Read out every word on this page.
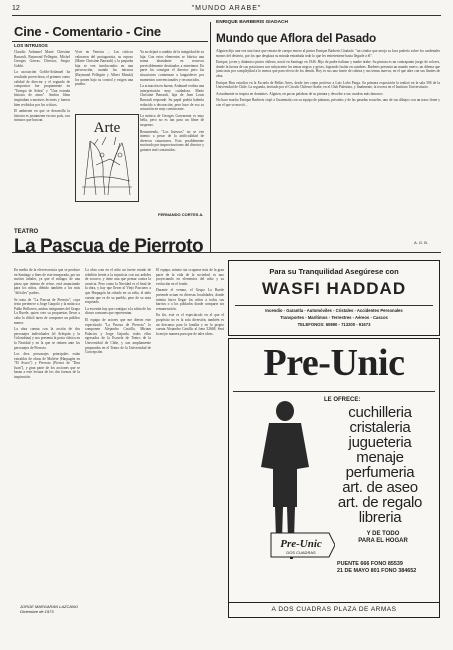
12	"MUNDO ARABE"
Cine - Comentario - Cine
LOS INTRUSOS

Claudio Ardanuel Marie Christine Barrault, Raymond Pellegrin, Michel Georges Gavras. Director, Sergio Gobbi.

La asociación Gobbi-Ardanuel ha resultado provechosa, el primero como calidad de director y el segundo de compositor fue propiamente en "Tiempo de Sobra" y "Una extraña historia de amor". Ambos films inspiraban a nuestros lectores y fueron bien recibidos por los críticos.

El ambiente en que se desarrolla la historia es justamente en otro país, con intrusos que buscan.

Vivir en Venecia ... Los críticos valoraron del protagonista, su esposo (Marie Christine Barrault) y la pequeña hija se ven involucrados en una persecución, cuando los intrusos (Raymond Pellegrin y Albert Minski) los ponen bajo su control y exigen una prueba.

Ya no dejará a cambio de la integridad de su hija. Con estos elementos se fabrica una trama abundante en recursos previsiblemente destinados a entretener. En parte los consigue el director pero las situaciones comienzan a languidecer por momentos convencionales y reconocidos.

La actuación en buena, Ardanuel realiza una interpretación muy cuidadosa. Marie Christine Barrault, hija de Jean Louis Barrault responde. Su papel podría haberla reducido a decoración, pero hace de eso su actuación en muy convincente.

La música de Georges Garvarentz es muy bella, pero no es tan para un filme de suspenso.

Resumiendo, "Los Intrusos" no se ven intento a pesar de la artificialidad de diversos situaciones. Esto posiblemente motivado por improvisaciones del director y guiones mal construidos.

FERNANDO CORTES A.
Arte
ENRIQUE BARBERIS GIADACH
Mundo que Aflora del Pasado

Alguien dijo una vez una frase que retrata de cuerpo entero al pintor Enrique Barberis Giadach: "un cóndor que arroja su lava poderío sobre los cardenales monos del desierto, por los que desplaza su mirada entrañada todo lo que les entreteniene hasta llegarle a él".

Enrique, joven y dinámico pintor chileno, nació en Santiago en 1946. Hijo de padre italiano y madre árabe. Su pintura es un contrapunto juego de colores, donde la fuerza de sus posiciones son subyacente los temas negros y grises, logrando fusión en cumbres. Barberis presenta un mundo nuevo, un dilema que junto más por complejidad a lo menos que para efecto de los demás. Hoy es sus una fuerte de cabeza y sus temas nuevos, en el que abre con sus límites de obra.

Enrique Bias estudios en la Escuela de Bellas Artes, desde tres como profesor a Luis Lobo Parga. Su primera exposición la realizó en la sala 506 de la Universidad de Chile. La segunda, invitado por el Circulo Chileno-Árabe, en el Club Palestino, y finalmente, la tercera en el Instituto Universitario.

Actualmente se inspira en dominios. Alguien, en pocas palabras de su pintura y describe a sus cuadros más famosos.

No hace mucho Enrique Barberis viajó a Guatemala con su equipo de pinturas, privados y de las pasadas escuelas, uno de sus dibujos con un trazo firme y con el que se movió...

A. G. B.
TEATRO
La Pascua de Pierroto

En medio de la efervescencia que se produce en Santiago a fines de este temporada, por un motivo inhalei, ya que el milagro de una pieza que intenta de reírse, está anunciando para los niños, debido también a los más "difíciles" padres.

Se trata de "La Pascua de Pierroto", cuya texto pertenece a Jorge Garpolo y la música a Pablo Bellorero, ambos integrantes del Grupo La Ruede, quien creo su propuestas llevar a cabo la difícil tarea de componer un público menor.

La obra cuenta con la acción de dos personajes individuales (el Arlequín y la Colombina) y nos presenta la posta clásica en la Navidad y en la que se reúnen ante los personajes de Pierroto.

Los diez personajes principales están extraídos de obras de Molière (Harpagón en "El Avaro") y Pierroto (Pierrot de "Don Juan"), y gran parte de los acciones que se basan a este lectura de los dos formas de la inspiración.

La obra crea en el niño un fuerte estado de rebelión frente a la injusticia con sus ardides de socorro, y tiene una que pensar contra la avaricia. Pero como la Navidad es el final de la obra, y hay que llevar al Viejo Pascuero a que Harpagón ha robado en su niño, el niño cuenta que es de su pueblo, pero de su nota respetado.

La escenita hay que contiguo a la sátira de los dioses comunes que representan.

El equipo de actores que me dieron este espectáculo "La Pascua de Pierroto" lo componen Alejandro Castillo, Miriam Palacios y Jorge Gajardo, todos ellos egresados de la Escuela de Teatro de la Universidad de Chile, y son ampliamente preparados en el Teatro de la Universidad de Concepción.

El equipo, mismo sin ocuparse más de la gran parte de la vida de la sociedad, es uno proyectando en elementos del niño y su evolución en el fondo.

Durante el verano, el Grupo La Ruede pretende actuar en diversas localidades, donde intenta hacer llegar los niños a todos sus barrios o a los poblados donde comparte sin remuneración.

En fin, este es el espectáculo en el que el propósito no es la sola diversión, también es un descanso para la familia y en lo propio cuenta Alejandro Castillo al fono 52668. Será la mejor manera para que de tales ideas.

Para su Tranquilidad Asegúrese con
WASFI HADDAD
Incendio - Garantía - Automóviles - Cristales - Accidentes Personales
Transportes - Marítimos - Terrestres - Aéreos - Cascos
TELEFONOS: 60890 - 713200 - 91673
Pre-Unic
LE OFRECE:
cuchilleria
cristaleria
jugueteria
menaje
perfumeria
art. de aseo
art. de regalo
libreria
Y DE TODO
PARA EL HOGAR
Pre-Unic
DOS CUADRAS
PUENTE 666 FONO 85539
21 DE MAYO 801 FONO 384652
A DOS CUADRAS PLAZA DE ARMAS
JORGE MARGARAN LAZCANO
Diciembre de 1973
